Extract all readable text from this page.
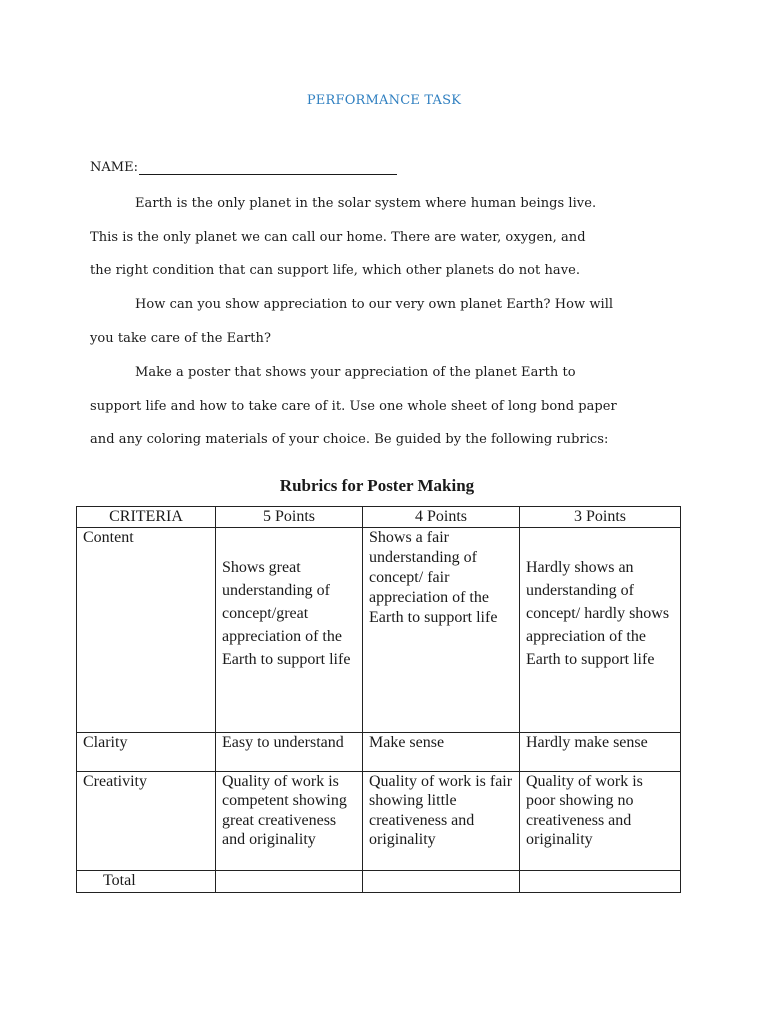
PERFORMANCE TASK
NAME:
Earth is the only planet in the solar system where human beings live.
This is the only planet we can call our home. There are water, oxygen, and
the right condition that can support life, which other planets do not have.
How can you show appreciation to our very own planet Earth? How will
you take care of the Earth?
Make a poster that shows your appreciation of the planet Earth to
support life and how to take care of it. Use one whole sheet of long bond paper
and any coloring materials of your choice. Be guided by the following rubrics:
Rubrics for Poster Making
CRITERIA	5 Points	4 Points	3 Points
Content	Shows great understanding of concept/great appreciation of the Earth to support life	Shows a fair understanding of concept/ fair appreciation of the Earth to support life	Hardly shows an understanding of concept/ hardly shows appreciation of the Earth to support life
Clarity	Easy to understand	Make sense	Hardly make sense
Creativity	Quality of work is competent showing great creativeness and originality	Quality of work is fair showing little creativeness and originality	Quality of work is poor showing no creativeness and originality
Total			
